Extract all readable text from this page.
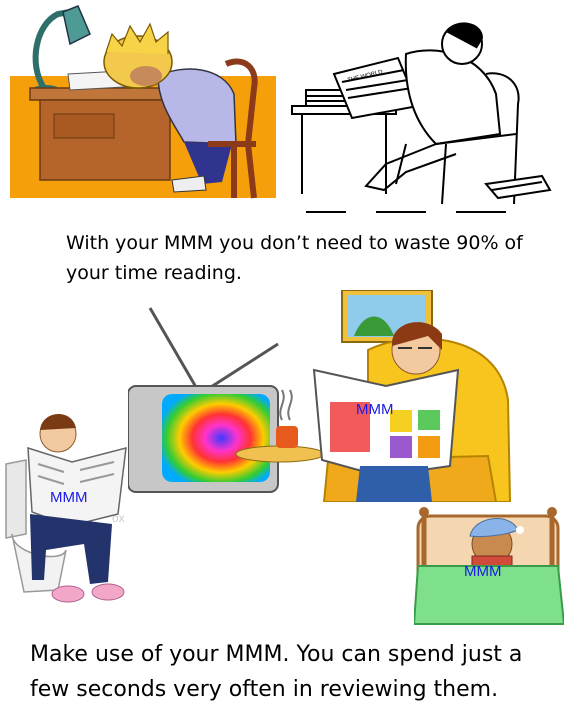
THE WORLD
With your MMM you don’t need to waste 90% of your time reading.
MMM
MMM
ox
MMM
Make use of your MMM. You can spend just a few seconds very often in reviewing them.
